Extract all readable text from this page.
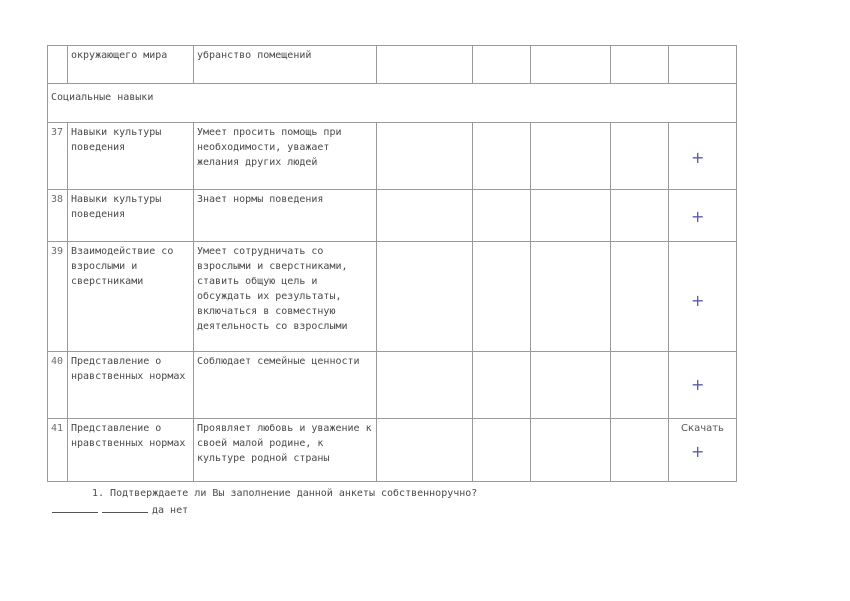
	окружающего мира	убранство помещений					
Социальные навыки							
37	Навыки культуры поведения	Умеет просить помощь при необходимости, уважает желания других людей					+

38	Навыки культуры поведения	Знает нормы поведения					+

39	Взаимодействие со взрослыми и сверстниками	Умеет сотрудничать со взрослыми и сверстниками, ставить общую цель и обсуждать их результаты, включаться в совместную деятельность со взрослыми					+

40	Представление о нравственных нормах	Соблюдает семейные ценности					+

41	Представление о нравственных нормах	Проявляет любовь и уважение к своей малой родине, к культуре родной страны					Скачать
+
1. Подтверждаете ли Вы заполнение данной анкеты собственноручно?
да нет
